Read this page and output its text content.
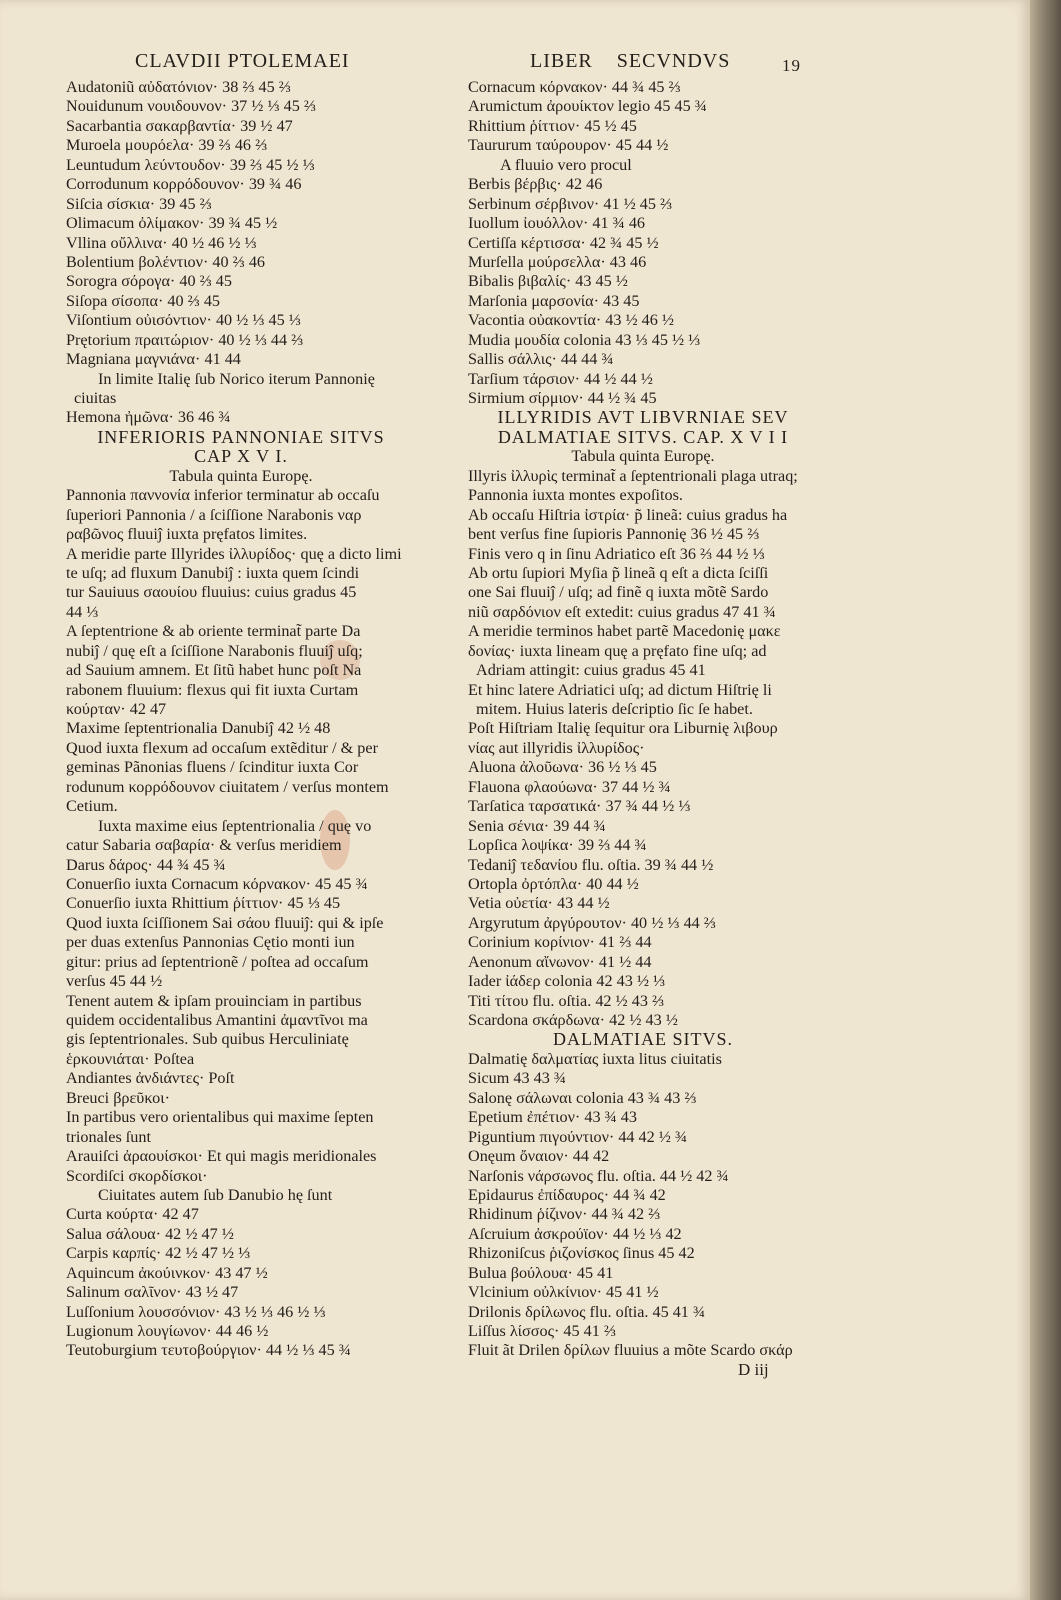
CLAVDII PTOLEMAEI	LIBER    SECVNDVS	19
Audatoniũ αὐδατόνιον· 38 ⅔ 45 ⅔
Nouidunum νουιδουνον· 37 ½ ⅓ 45 ⅔
Sacarbantia σακαρβαντία· 39 ½ 47
Muroela μουρόελα· 39 ⅔ 46 ⅔
Leuntudum λεύντουδον· 39 ⅔ 45 ½ ⅓
Corrodunum κορρόδουνον· 39 ¾ 46
Siſcia σίσκια· 39 45 ⅔
Olimacum ὀλίμακον· 39 ¾ 45 ½
Vllina οὔλλινα· 40 ½ 46 ½ ⅓
Bolentium βολέντιον· 40 ⅔ 46
Sorogra σόρογα· 40 ⅔ 45
Siſopa σίσοπα· 40 ⅔ 45
Viſontium οὐισόντιον· 40 ½ ⅓ 45 ⅓
Prętorium πραιτώριον· 40 ½ ⅓ 44 ⅔
Magniana μαγνιάνα· 41 44
In limite Italię ſub Norico iterum Pannonię
ciuitas
Hemona ἠμῶνα· 36 46 ¾
INFERIORIS PANNONIAE SITVS
CAP X V I.
Tabula quinta Europę.
Pannonia παννονία inferior terminatur ab occaſu
ſuperiori Pannonia / a ſciſſione Narabonis ναρ
ραβῶνος fluuiĵ iuxta pręfatos limites.
A meridie parte Illyrides ἰλλυρίδος· quę a dicto limi
te uſq; ad fluxum Danubiĵ : iuxta quem ſcindi
tur Sauiuus σαουίου fluuius: cuius gradus 45
44 ⅓
A ſeptentrione & ab oriente terminat̃ parte Da
nubiĵ / quę eſt a ſciſſione Narabonis fluuiĵ uſq;
ad Sauium amnem. Et ſitũ habet hunc poſt Na
rabonem fluuium: flexus qui fit iuxta Curtam
κούρταν· 42 47
Maxime ſeptentrionalia Danubiĵ 42 ½ 48
Quod iuxta flexum ad occaſum extẽditur / & per
geminas Pãnonias fluens / ſcinditur iuxta Cor
rodunum κορρόδουνον ciuitatem / verſus montem
Cetium.
Iuxta maxime eius ſeptentrionalia / quę vo
catur Sabaria σαβαρία· & verſus meridiem
Darus δάρος· 44 ¾ 45 ¾
Conuerſio iuxta Cornacum κόρνακον· 45 45 ¾
Conuerſio iuxta Rhittium ῥίττιον· 45 ⅓ 45
Quod iuxta ſciſſionem Sai σάου fluuiĵ: qui & ipſe
per duas extenſus Pannonias Cętio monti iun
gitur: prius ad ſeptentrionẽ / poſtea ad occaſum
verſus 45 44 ½
Tenent autem & ipſam prouinciam in partibus
quidem occidentalibus Amantini ἀμαντῖνοι ma
gis ſeptentrionales. Sub quibus Herculiniatę
ἑρκουνιάται· Poſtea
Andiantes ἀνδιάντες· Poſt
Breuci βρεῦκοι·
In partibus vero orientalibus qui maxime ſepten
trionales ſunt
Arauiſci ἀραουίσκοι· Et qui magis meridionales
Scordiſci σκορδίσκοι·
Ciuitates autem ſub Danubio hę ſunt
Curta κούρτα· 42 47
Salua σάλουα· 42 ½ 47 ½
Carpis καρπίς· 42 ½ 47 ½ ⅓
Aquincum ἀκούινκον· 43 47 ½
Salinum σαλῖνον· 43 ½ 47
Luſſonium λουσσόνιον· 43 ½ ⅓ 46 ½ ⅓
Lugionum λουγίωνον· 44 46 ½
Teutoburgium τευτοβούργιον· 44 ½ ⅓ 45 ¾
Cornacum κόρνακον· 44 ¾ 45 ⅔
Arumictum ἀρουίκτον legio 45 45 ¾
Rhittium ῥίττιον· 45 ½ 45
Taururum ταύρουρον· 45 44 ½
A fluuio vero procul
Berbis βέρβις· 42 46
Serbinum σέρβινον· 41 ½ 45 ⅔
Iuollum ἰουόλλον· 41 ¾ 46
Certiſſa κέρτισσα· 42 ¾ 45 ½
Murſella μούρσελλα· 43 46
Bibalis βιβαλίς· 43 45 ½
Marſonia μαρσονία· 43 45
Vacontia οὐακοντία· 43 ½ 46 ½
Mudia μουδία colonia 43 ⅓ 45 ½ ⅓
Sallis σάλλις· 44 44 ¾
Tarſium τάρσιον· 44 ½ 44 ½
Sirmium σίρμιον· 44 ½ ¾ 45
ILLYRIDIS AVT LIBVRNIAE SEV
DALMATIAE SITVS. CAP. X V I I
Tabula quinta Europę.
Illyris ἰλλυρὶς terminat̃ a ſeptentrionali plaga utraq;
Pannonia iuxta montes expoſitos.
Ab occaſu Hiſtria ἰστρία· p̃ lineã: cuius gradus ha
bent verſus fine ſupioris Pannonię 36 ½ 45 ⅔
Finis vero q in ſinu Adriatico eſt 36 ⅔ 44 ½ ⅓
Ab ortu ſupiori Myſia p̃ lineã q eſt a dicta ſciſſi
one Sai fluuiĵ / uſq; ad finẽ q iuxta mõtẽ Sardo
niũ σαρδόνιον eſt extedit: cuius gradus 47 41 ¾
A meridie terminos habet partẽ Macedonię μακε
δονίας· iuxta lineam quę a pręfato fine uſq; ad
Adriam attingit: cuius gradus 45 41
Et hinc latere Adriatici uſq; ad dictum Hiſtrię li
mitem. Huius lateris deſcriptio ſic ſe habet.
Poſt Hiſtriam Italię ſequitur ora Liburnię λιβουρ
νίας aut illyridis ἰλλυρίδος·
Aluona ἀλοῦωνα· 36 ½ ⅓ 45
Flauona φλαούωνα· 37 44 ½ ¾
Tarſatica ταρσατικά· 37 ¾ 44 ½ ⅓
Senia σένια· 39 44 ¾
Lopſica λοψίκα· 39 ⅔ 44 ¾
Tedaniĵ τεδανίου flu. oſtia. 39 ¾ 44 ½
Ortopla ὀρτόπλα· 40 44 ½
Vetia οὐετία· 43 44 ½
Argyrutum ἀργύρουτον· 40 ½ ⅓ 44 ⅔
Corinium κορίνιον· 41 ⅔ 44
Aenonum αἴνωνον· 41 ½ 44
Iader ἰάδερ colonia 42 43 ½ ⅓
Titi τίτου flu. oſtia. 42 ½ 43 ⅔
Scardona σκάρδωνα· 42 ½ 43 ½
DALMATIAE SITVS.
Dalmatię δαλματίας iuxta litus ciuitatis
Sicum 43 43 ¾
Salonę σάλωναι colonia 43 ¾ 43 ⅔
Epetium ἐπέτιον· 43 ¾ 43
Piguntium πιγούντιον· 44 42 ½ ¾
Onęum ὄναιον· 44 42
Narſonis νάρσωνος flu. oſtia. 44 ½ 42 ¾
Epidaurus ἐπίδαυρος· 44 ¾ 42
Rhidinum ῥίζινον· 44 ¾ 42 ⅔
Aſcruium ἀσκρούϊον· 44 ½ ⅓ 42
Rhizoniſcus ῥιζονίσκος ſinus 45 42
Bulua βούλουα· 45 41
Vlcinium οὐλκίνιον· 45 41 ½
Drilonis δρίλωνος flu. oſtia. 45 41 ¾
Liſſus λίσσος· 45 41 ⅔
Fluit ãt Drilen δρίλων fluuius a mõte Scardo σκάρ
D iĳ
